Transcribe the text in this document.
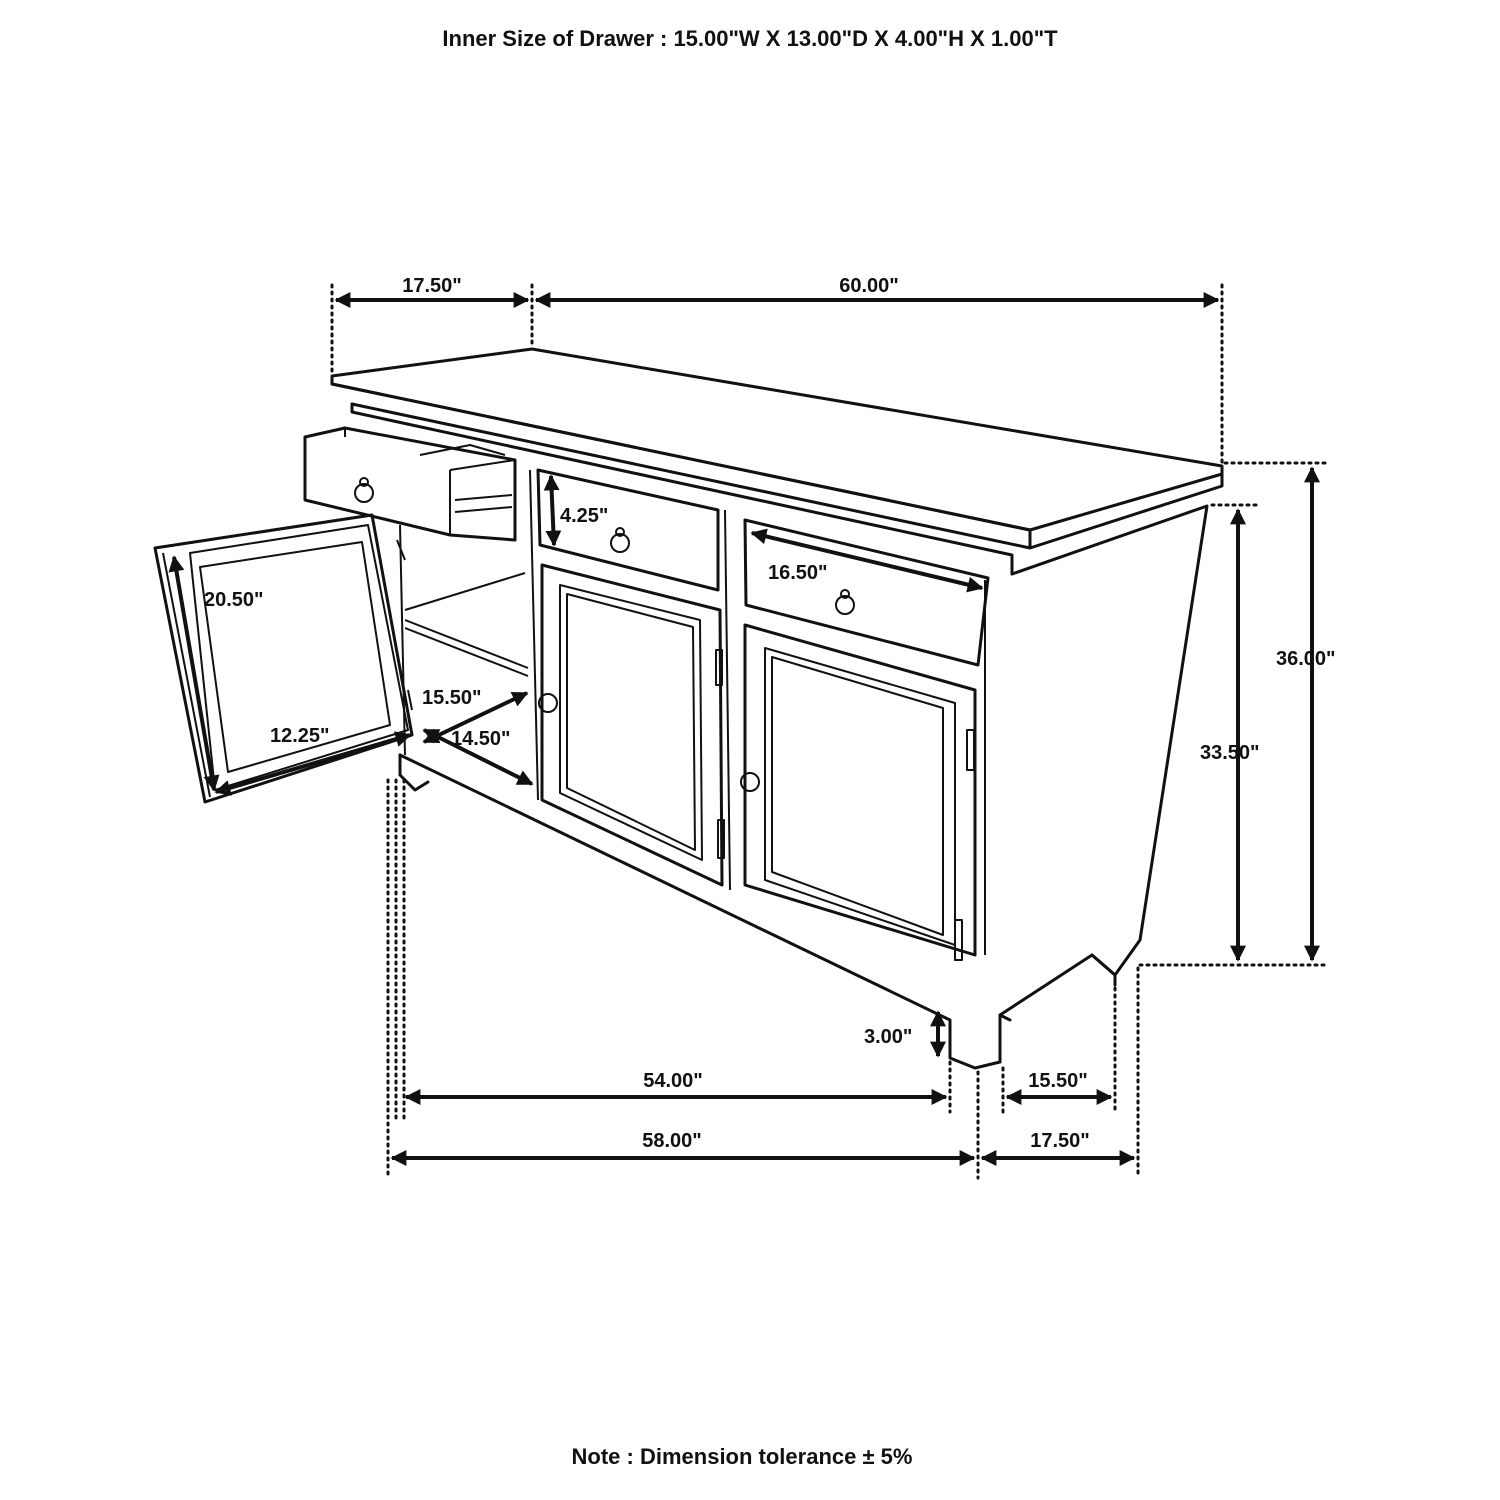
Inner Size of Drawer : 15.00"W X 13.00"D X 4.00"H X 1.00"T
17.50"	60.00"
4.25"
16.50"
20.50"
12.25"
15.50"
14.50"
36.00"
33.50"
3.00"
54.00"
58.00"
15.50"
17.50"
Note : Dimension tolerance ± 5%
